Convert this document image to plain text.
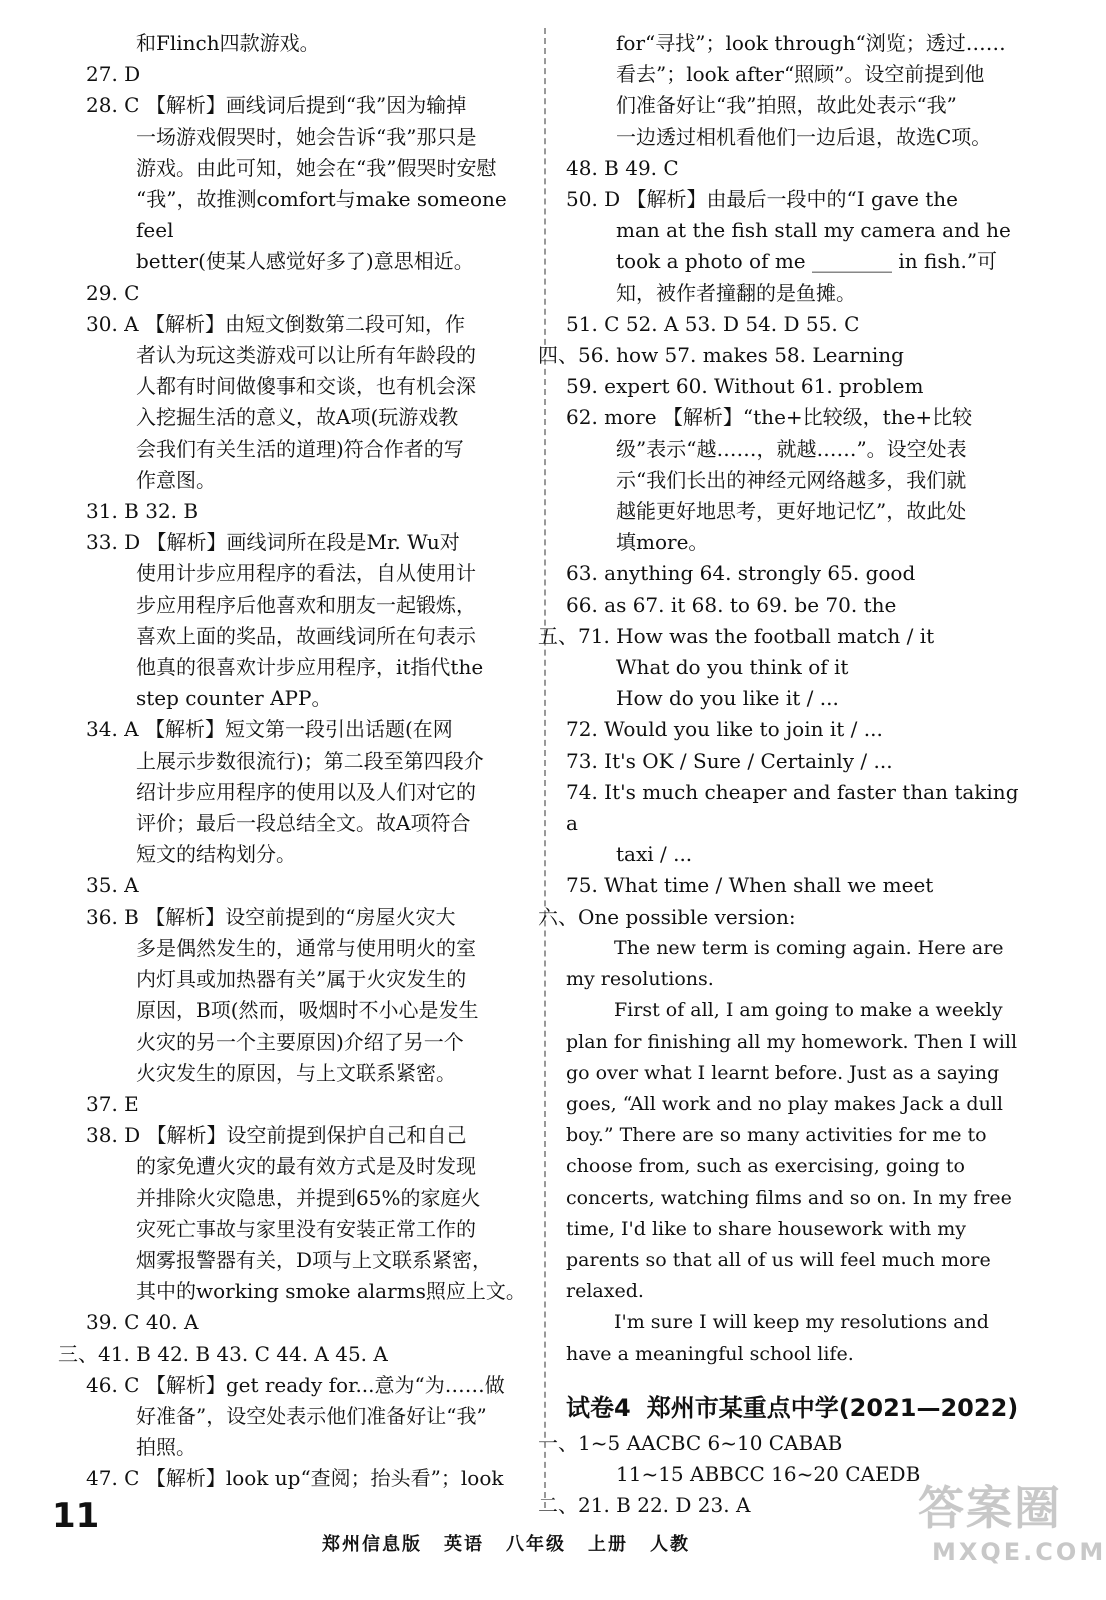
和Flinch四款游戏。
27. D
28. C 【解析】画线词后提到“我”因为输掉
一场游戏假哭时，她会告诉“我”那只是
游戏。由此可知，她会在“我”假哭时安慰
“我”，故推测comfort与make someone feel
better(使某人感觉好多了)意思相近。
29. C
30. A 【解析】由短文倒数第二段可知，作
者认为玩这类游戏可以让所有年龄段的
人都有时间做傻事和交谈，也有机会深
入挖掘生活的意义，故A项(玩游戏教
会我们有关生活的道理)符合作者的写
作意图。
31. B 32. B
33. D 【解析】画线词所在段是Mr. Wu对
使用计步应用程序的看法，自从使用计
步应用程序后他喜欢和朋友一起锻炼，
喜欢上面的奖品，故画线词所在句表示
他真的很喜欢计步应用程序，it指代the
step counter APP。
34. A 【解析】短文第一段引出话题(在网
上展示步数很流行)；第二段至第四段介
绍计步应用程序的使用以及人们对它的
评价；最后一段总结全文。故A项符合
短文的结构划分。
35. A
36. B 【解析】设空前提到的“房屋火灾大
多是偶然发生的，通常与使用明火的室
内灯具或加热器有关”属于火灾发生的
原因，B项(然而，吸烟时不小心是发生
火灾的另一个主要原因)介绍了另一个
火灾发生的原因，与上文联系紧密。
37. E
38. D 【解析】设空前提到保护自己和自己
的家免遭火灾的最有效方式是及时发现
并排除火灾隐患，并提到65%的家庭火
灾死亡事故与家里没有安装正常工作的
烟雾报警器有关，D项与上文联系紧密，
其中的working smoke alarms照应上文。
39. C 40. A
三、41. B 42. B 43. C 44. A 45. A
46. C 【解析】get ready for...意为“为……做
好准备”，设空处表示他们准备好让“我”
拍照。
47. C 【解析】look up“查阅；抬头看”；look
for“寻找”；look through“浏览；透过……
看去”；look after“照顾”。设空前提到他
们准备好让“我”拍照，故此处表示“我”
一边透过相机看他们一边后退，故选C项。
48. B 49. C
50. D 【解析】由最后一段中的“I gave the
man at the fish stall my camera and he
took a photo of me ________ in fish.”可
知，被作者撞翻的是鱼摊。
51. C 52. A 53. D 54. D 55. C
四、56. how 57. makes 58. Learning
59. expert 60. Without 61. problem
62. more 【解析】“the+比较级，the+比较
级”表示“越……，就越……”。设空处表
示“我们长出的神经元网络越多，我们就
越能更好地思考，更好地记忆”，故此处
填more。
63. anything 64. strongly 65. good
66. as 67. it 68. to 69. be 70. the
五、71. How was the football match / it
What do you think of it
How do you like it / ...
72. Would you like to join it / ...
73. It's OK / Sure / Certainly / ...
74. It's much cheaper and faster than taking a
taxi / ...
75. What time / When shall we meet
六、One possible version:
The new term is coming again. Here are my resolutions.
First of all, I am going to make a weekly plan for finishing all my homework. Then I will go over what I learnt before. Just as a saying goes, “All work and no play makes Jack a dull boy.” There are so many activities for me to choose from, such as exercising, going to concerts, watching films and so on. In my free time, I'd like to share housework with my parents so that all of us will feel much more relaxed.
I'm sure I will keep my resolutions and have a meaningful school life.
试卷4 郑州市某重点中学(2021—2022)
一、1~5 AACBC 6~10 CABAB
11~15 ABBCC 16~20 CAEDB
二、21. B 22. D 23. A
11
郑州信息版 英语 八年级 上册 人教
答案圈
MXQE.COM
